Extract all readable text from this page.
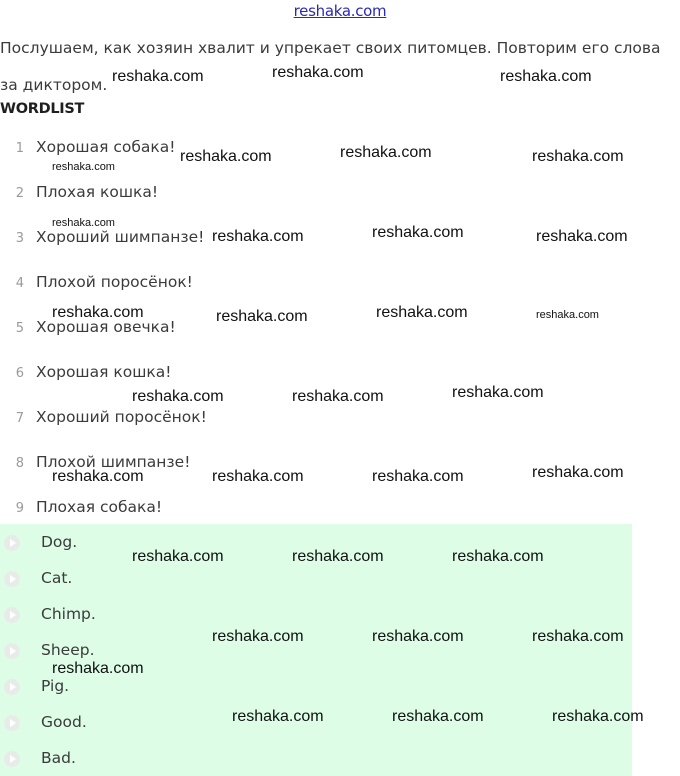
reshaka.com
Послушаем, как хозяин хвалит и упрекает своих питомцев. Повторим его слова за диктором.
WORDLIST
1 Хорошая собака!
2 Плохая кошка!
3 Хороший шимпанзе!
4 Плохой поросёнок!
5 Хорошая овечка!
6 Хорошая кошка!
7 Хороший поросёнок!
8 Плохой шимпанзе!
9 Плохая собака!
Dog.
Cat.
Chimp.
Sheep.
Pig.
Good.
Bad.
reshaka.com	reshaka.com	reshaka.com
reshaka.com	reshaka.com	reshaka.com
reshaka.com
reshaka.com
reshaka.com	reshaka.com	reshaka.com
reshaka.com	reshaka.com	reshaka.com	reshaka.com
reshaka.com	reshaka.com	reshaka.com
reshaka.com	reshaka.com	reshaka.com	reshaka.com
reshaka.com	reshaka.com	reshaka.com
reshaka.com	reshaka.com	reshaka.com
reshaka.com
reshaka.com	reshaka.com	reshaka.com
